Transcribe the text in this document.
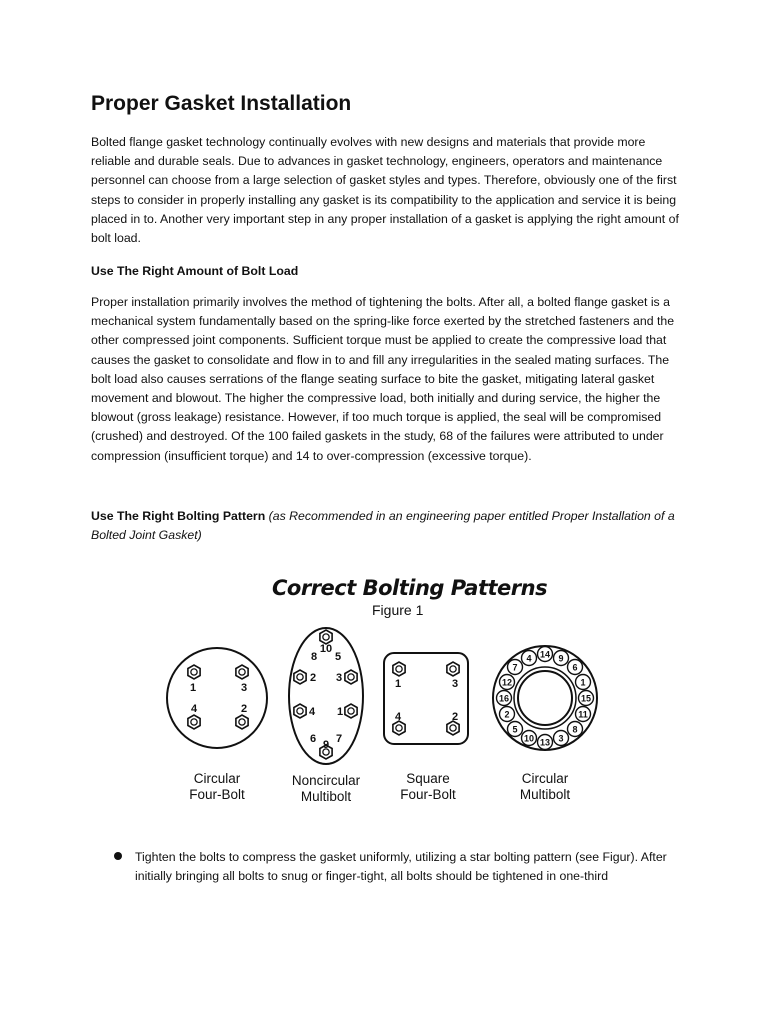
Proper Gasket Installation

Bolted flange gasket technology continually evolves with new designs and materials that provide more reliable and durable seals. Due to advances in gasket technology, engineers, operators and maintenance personnel can choose from a large selection of gasket styles and types. Therefore, obviously one of the first steps to consider in properly installing any gasket is its compatibility to the application and service it is being placed in to. Another very important step in any proper installation of a gasket is applying the right amount of bolt load.

Use The Right Amount of Bolt Load

Proper installation primarily involves the method of tightening the bolts. After all, a bolted flange gasket is a mechanical system fundamentally based on the spring-like force exerted by the stretched fasteners and the other compressed joint components. Sufficient torque must be applied to create the compressive load that causes the gasket to consolidate and flow in to and fill any irregularities in the sealed mating surfaces. The bolt load also causes serrations of the flange seating surface to bite the gasket, mitigating lateral gasket movement and blowout. The higher the compressive load, both initially and during service, the higher the blowout (gross leakage) resistance. However, if too much torque is applied, the seal will be compromised (crushed) and destroyed. Of the 100 failed gaskets in the study, 68 of the failures were attributed to under compression (insufficient torque) and 14 to over-compression (excessive torque).

Use The Right Bolting Pattern (as Recommended in an engineering paper entitled Proper Installation of a Bolted Joint Gasket)

Correct Bolting Patterns

Figure 1

1	3
4	2
10
8 5
2 3
4 1
6 9 7
1	3
4	2
4 14 9
7	6
12	1
16	15
2	11
5
10 13 3
8

Circular
Four-Bolt

Noncircular
Multibolt

Square
Four-Bolt

Circular
Multibolt

Tighten the bolts to compress the gasket uniformly, utilizing a star bolting pattern (see Figur). After initially bringing all bolts to snug or finger-tight, all bolts should be tightened in one-third
